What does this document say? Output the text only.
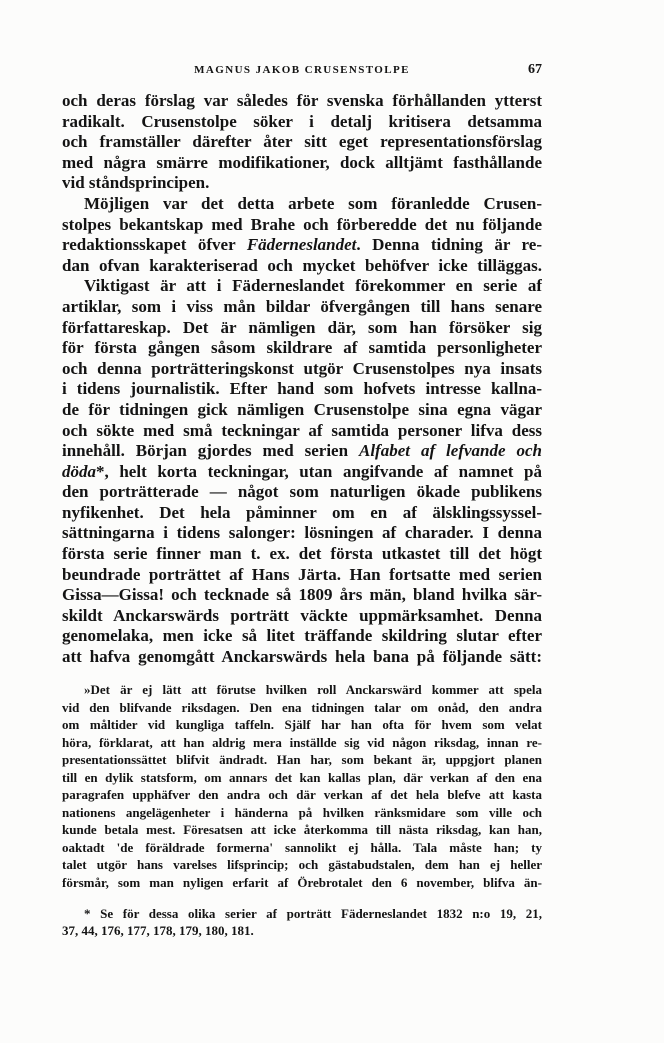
MAGNUS JAKOB CRUSENSTOLPE	67
och deras förslag var således för svenska förhållanden ytterst
radikalt. Crusenstolpe söker i detalj kritisera detsamma
och framställer därefter åter sitt eget representationsförslag
med några smärre modifikationer, dock alltjämt fasthållande
vid ståndsprincipen.
Möjligen var det detta arbete som föranledde Crusen-
stolpes bekantskap med Brahe och förberedde det nu följande
redaktionsskapet öfver Fäderneslandet. Denna tidning är re-
dan ofvan karakteriserad och mycket behöfver icke tilläggas.
Viktigast är att i Fäderneslandet förekommer en serie af
artiklar, som i viss mån bildar öfvergången till hans senare
författareskap. Det är nämligen där, som han försöker sig
för första gången såsom skildrare af samtida personligheter
och denna porträtteringskonst utgör Crusenstolpes nya insats
i tidens journalistik. Efter hand som hofvets intresse kallna-
de för tidningen gick nämligen Crusenstolpe sina egna vägar
och sökte med små teckningar af samtida personer lifva dess
innehåll. Början gjordes med serien Alfabet af lefvande och
döda*, helt korta teckningar, utan angifvande af namnet på
den porträtterade — något som naturligen ökade publikens
nyfikenhet. Det hela påminner om en af älsklingssyssel-
sättningarna i tidens salonger: lösningen af charader. I denna
första serie finner man t. ex. det första utkastet till det högt
beundrade porträttet af Hans Järta. Han fortsatte med serien
Gissa—Gissa! och tecknade så 1809 års män, bland hvilka sär-
skildt Anckarswärds porträtt väckte uppmärksamhet. Denna
genomelaka, men icke så litet träffande skildring slutar efter
att hafva genomgått Anckarswärds hela bana på följande sätt:
»Det är ej lätt att förutse hvilken roll Anckarswärd kommer att spela
vid den blifvande riksdagen. Den ena tidningen talar om onåd, den andra
om måltider vid kungliga taffeln. Själf har han ofta för hvem som velat
höra, förklarat, att han aldrig mera inställde sig vid någon riksdag, innan re-
presentationssättet blifvit ändradt. Han har, som bekant är, uppgjort planen
till en dylik statsform, om annars det kan kallas plan, där verkan af den ena
paragrafen upphäfver den andra och där verkan af det hela blefve att kasta
nationens angelägenheter i händerna på hvilken ränksmidare som ville och
kunde betala mest. Föresatsen att icke återkomma till nästa riksdag, kan han,
oaktadt 'de föräldrade formerna' sannolikt ej hålla. Tala måste han; ty
talet utgör hans varelses lifsprincip; och gästabudstalen, dem han ej heller
försmår, som man nyligen erfarit af Örebrotalet den 6 november, blifva än-
* Se för dessa olika serier af porträtt Fäderneslandet 1832 n:o 19, 21,
37, 44, 176, 177, 178, 179, 180, 181.
